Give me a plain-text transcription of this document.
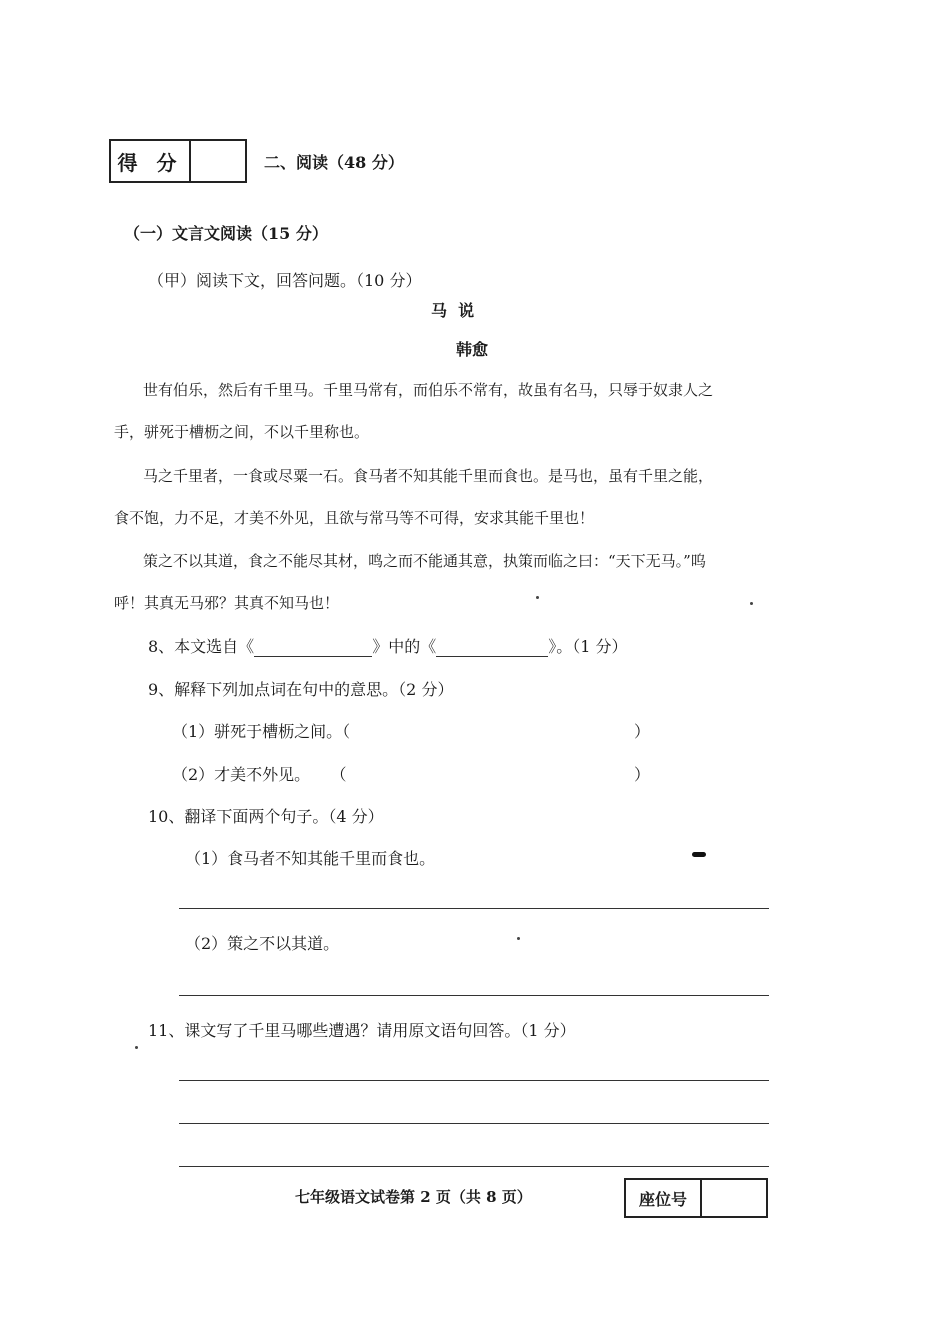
得 分	二、阅读（48 分）
（一）文言文阅读（15 分）
（甲）阅读下文，回答问题。（10 分）
马  说
韩愈
世有伯乐，然后有千里马。千里马常有，而伯乐不常有，故虽有名马，只辱于奴隶人之
手，骈死于槽枥之间，不以千里称也。
马之千里者，一食或尽粟一石。食马者不知其能千里而食也。是马也，虽有千里之能，
食不饱，力不足，才美不外见，且欲与常马等不可得，安求其能千里也！
策之不以其道，食之不能尽其材，鸣之而不能通其意，执策而临之曰：“天下无马。”呜
呼！其真无马邪？其真不知马也！
8、本文选自《	》中的《	》。（1 分）
9、解释下列加点词在句中的意思。（2 分）
（1）骈死于槽枥之间。（	）
（2）才美不外见。    （	）
10、翻译下面两个句子。（4 分）
（1）食马者不知其能千里而食也。
（2）策之不以其道。
11、课文写了千里马哪些遭遇？请用原文语句回答。（1 分）
七年级语文试卷第 2 页（共 8 页）	座位号
